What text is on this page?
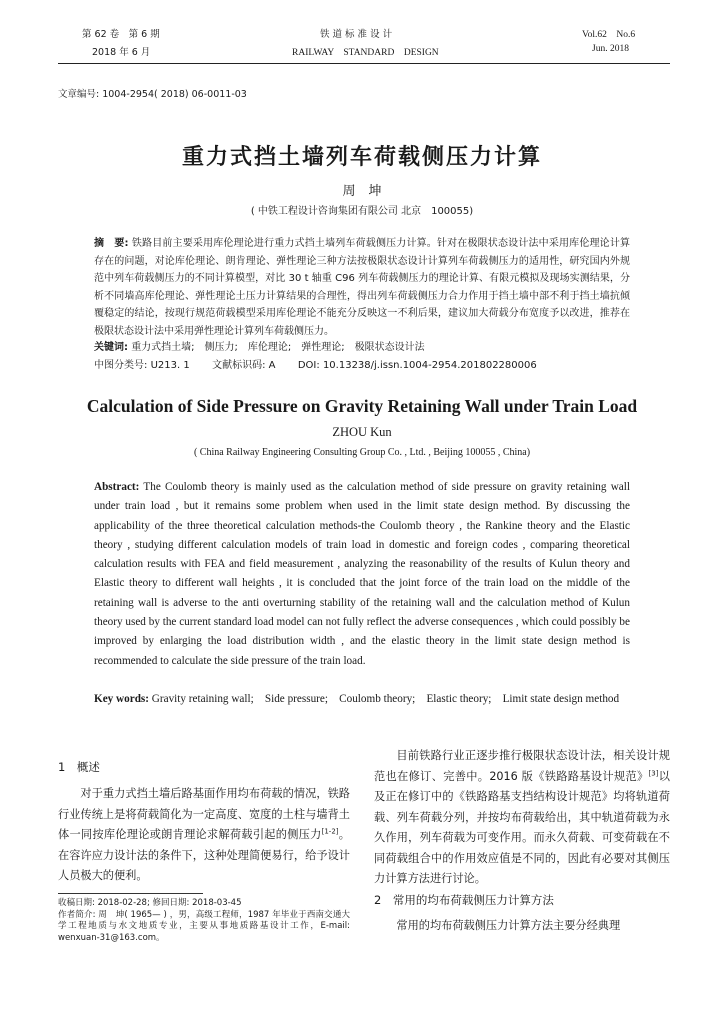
第 62 卷　第 6 期
2018 年 6 月
铁 道 标 准 设 计
RAILWAY　STANDARD　DESIGN
Vol.62　No.6
Jun. 2018
文章编号: 1004-2954( 2018) 06-0011-03
重力式挡土墙列车荷载侧压力计算
周　坤
( 中铁工程设计咨询集团有限公司 北京　100055)
摘　要: 铁路目前主要采用库伦理论进行重力式挡土墙列车荷载侧压力计算。针对在极限状态设计法中采用库伦理论计算存在的问题，对论库伦理论、朗肯理论、弹性理论三种方法按极限状态设计计算列车荷载侧压力的适用性，研究国内外规范中列车荷载侧压力的不同计算模型，对比 30 t 轴重 C96 列车荷载侧压力的理论计算、有限元模拟及现场实测结果，分析不同墙高库伦理论、弹性理论土压力计算结果的合理性，得出列车荷载侧压力合力作用于挡土墙中部不利于挡土墙抗倾覆稳定的结论，按现行规范荷载模型采用库伦理论不能充分反映这一不利后果，建议加大荷载分布宽度予以改进，推荐在极限状态设计法中采用弹性理论计算列车荷载侧压力。
关键词: 重力式挡土墙;　侧压力;　库伦理论;　弹性理论;　极限状态设计法
中图分类号: U213. 1 文献标识码: A DOI: 10.13238/j.issn.1004-2954.201802280006
Calculation of Side Pressure on Gravity Retaining Wall under Train Load
ZHOU Kun
( China Railway Engineering Consulting Group Co. , Ltd. , Beijing 100055 , China)
Abstract: The Coulomb theory is mainly used as the calculation method of side pressure on gravity retaining wall under train load , but it remains some problem when used in the limit state design method. By discussing the applicability of the three theoretical calculation methods-the Coulomb theory , the Rankine theory and the Elastic theory , studying different calculation models of train load in domestic and foreign codes , comparing theoretical calculation results with FEA and field measurement , analyzing the reasonability of the results of Kulun theory and Elastic theory to different wall heights , it is concluded that the joint force of the train load on the middle of the retaining wall is adverse to the anti overturning stability of the retaining wall and the calculation method of Kulun theory used by the current standard load model can not fully reflect the adverse consequences , which could possibly be improved by enlarging the load distribution width , and the elastic theory in the limit state design method is recommended to calculate the side pressure of the train load.
Key words: Gravity retaining wall;　Side pressure;　Coulomb theory;　Elastic theory;　Limit state design method
1　概述
对于重力式挡土墙后路基面作用均布荷载的情况，铁路行业传统上是将荷载简化为一定高度、宽度的土柱与墙背土体一同按库伦理论或朗肯理论求解荷载引起的侧压力[1-2]。在容许应力设计法的条件下，这种处理简便易行，给予设计人员极大的便利。
收稿日期: 2018-02-28; 修回日期: 2018-03-45
作者简介: 周　坤( 1965— ) ，男，高级工程师，1987 年毕业于西南交通大学工程地质与水文地质专业，主要从事地质路基设计工作，E-mail: wenxuan-31@163.com。
目前铁路行业正逐步推行极限状态设计法，相关设计规范也在修订、完善中。2016 版《铁路路基设计规范》[3]以及正在修订中的《铁路路基支挡结构设计规范》均将轨道荷载、列车荷载分列，并按均布荷载给出，其中轨道荷载为永久作用，列车荷载为可变作用。而永久荷载、可变荷载在不同荷载组合中的作用效应值是不同的，因此有必要对其侧压力计算方法进行讨论。
2　常用的均布荷载侧压力计算方法
常用的均布荷载侧压力计算方法主要分经典理
